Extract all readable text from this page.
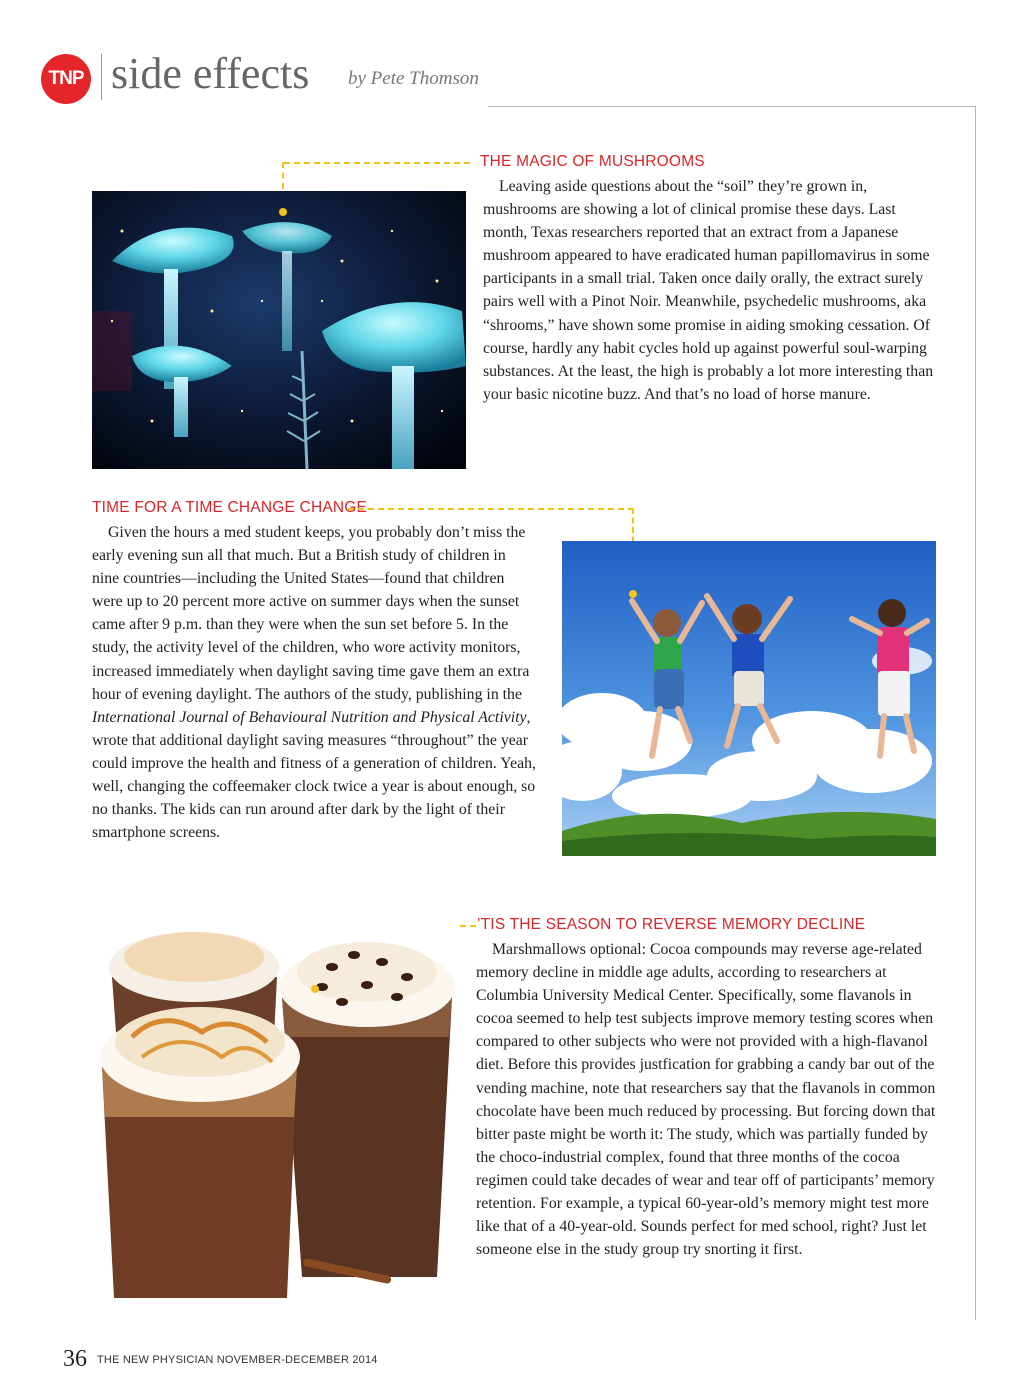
TNP side effects by Pete Thomson
THE MAGIC OF MUSHROOMS

Leaving aside questions about the “soil” they’re grown in, mushrooms are showing a lot of clinical promise these days. Last month, Texas researchers reported that an extract from a Japanese mushroom appeared to have eradicated human papillomavirus in some participants in a small trial. Taken once daily orally, the extract surely pairs well with a Pinot Noir. Meanwhile, psychedelic mushrooms, aka “shrooms,” have shown some promise in aiding smoking cessation. Of course, hardly any habit cycles hold up against powerful soul-warping substances. At the least, the high is probably a lot more interesting than your basic nicotine buzz. And that’s no load of horse manure.

TIME FOR A TIME CHANGE CHANGE

Given the hours a med student keeps, you probably don’t miss the early evening sun all that much. But a British study of children in nine countries—including the United States—found that children were up to 20 percent more active on summer days when the sunset came after 9 p.m. than they were when the sun set before 5. In the study, the activity level of the children, who wore activity monitors, increased immediately when daylight saving time gave them an extra hour of evening daylight. The authors of the study, publishing in the International Journal of Behavioural Nutrition and Physical Activity, wrote that additional daylight saving measures “throughout” the year could improve the health and fitness of a generation of children. Yeah, well, changing the coffeemaker clock twice a year is about enough, so no thanks. The kids can run around after dark by the light of their smartphone screens.

’TIS THE SEASON TO REVERSE MEMORY DECLINE

Marshmallows optional: Cocoa compounds may reverse age-related memory decline in middle age adults, according to researchers at Columbia University Medical Center. Specifically, some flavanols in cocoa seemed to help test subjects improve memory testing scores when compared to other subjects who were not provided with a high-flavanol diet. Before this provides justfication for grabbing a candy bar out of the vending machine, note that researchers say that the flavanols in common chocolate have been much reduced by processing. But forcing down that bitter paste might be worth it: The study, which was partially funded by the choco-industrial complex, found that three months of the cocoa regimen could take decades of wear and tear off of participants’ memory retention. For example, a typical 60-year-old’s memory might test more like that of a 40-year-old. Sounds perfect for med school, right? Just let someone else in the study group try snorting it first.

36 THE NEW PHYSICIAN NOVEMBER-DECEMBER 2014
